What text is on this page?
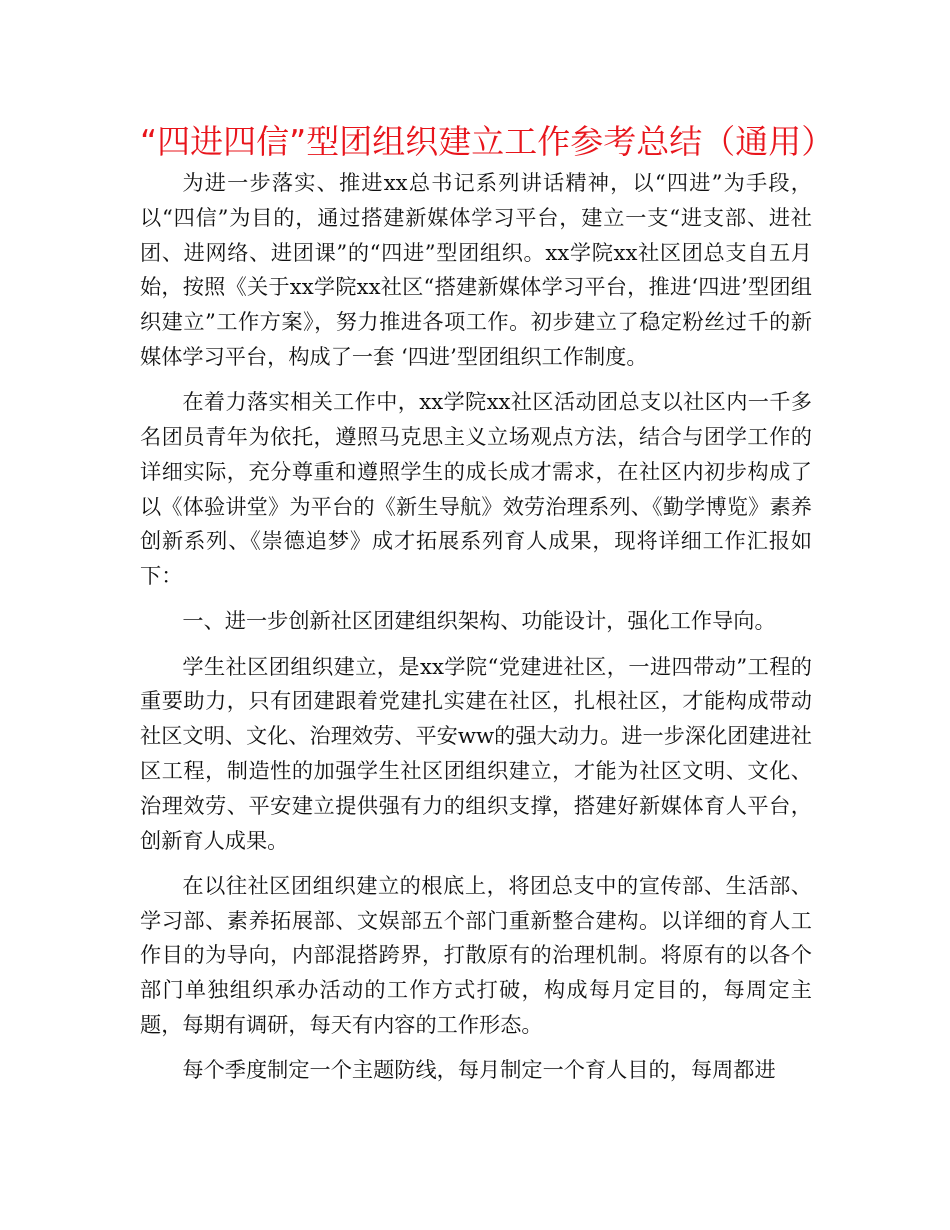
“四进四信”型团组织建立工作参考总结（通用）

为进一步落实、推进xx总书记系列讲话精神，以“四进”为手段，以“四信”为目的，通过搭建新媒体学习平台，建立一支“进支部、进社团、进网络、进团课”的“四进”型团组织。xx学院xx社区团总支自五月始，按照《关于xx学院xx社区“搭建新媒体学习平台，推进‘四进’型团组织建立”工作方案》，努力推进各项工作。初步建立了稳定粉丝过千的新媒体学习平台，构成了一套 ‘四进’型团组织工作制度。

在着力落实相关工作中，xx学院xx社区活动团总支以社区内一千多名团员青年为依托，遵照马克思主义立场观点方法，结合与团学工作的详细实际，充分尊重和遵照学生的成长成才需求，在社区内初步构成了以《体验讲堂》为平台的《新生导航》效劳治理系列、《勤学博览》素养创新系列、《崇德追梦》成才拓展系列育人成果，现将详细工作汇报如下：

一、进一步创新社区团建组织架构、功能设计，强化工作导向。

学生社区团组织建立，是xx学院“党建进社区，一进四带动”工程的重要助力，只有团建跟着党建扎实建在社区，扎根社区，才能构成带动社区文明、文化、治理效劳、平安ww的强大动力。进一步深化团建进社区工程，制造性的加强学生社区团组织建立，才能为社区文明、文化、治理效劳、平安建立提供强有力的组织支撑，搭建好新媒体育人平台，创新育人成果。

在以往社区团组织建立的根底上，将团总支中的宣传部、生活部、学习部、素养拓展部、文娱部五个部门重新整合建构。以详细的育人工作目的为导向，内部混搭跨界，打散原有的治理机制。将原有的以各个部门单独组织承办活动的工作方式打破，构成每月定目的，每周定主题，每期有调研，每天有内容的工作形态。

每个季度制定一个主题防线，每月制定一个育人目的，每周都进
